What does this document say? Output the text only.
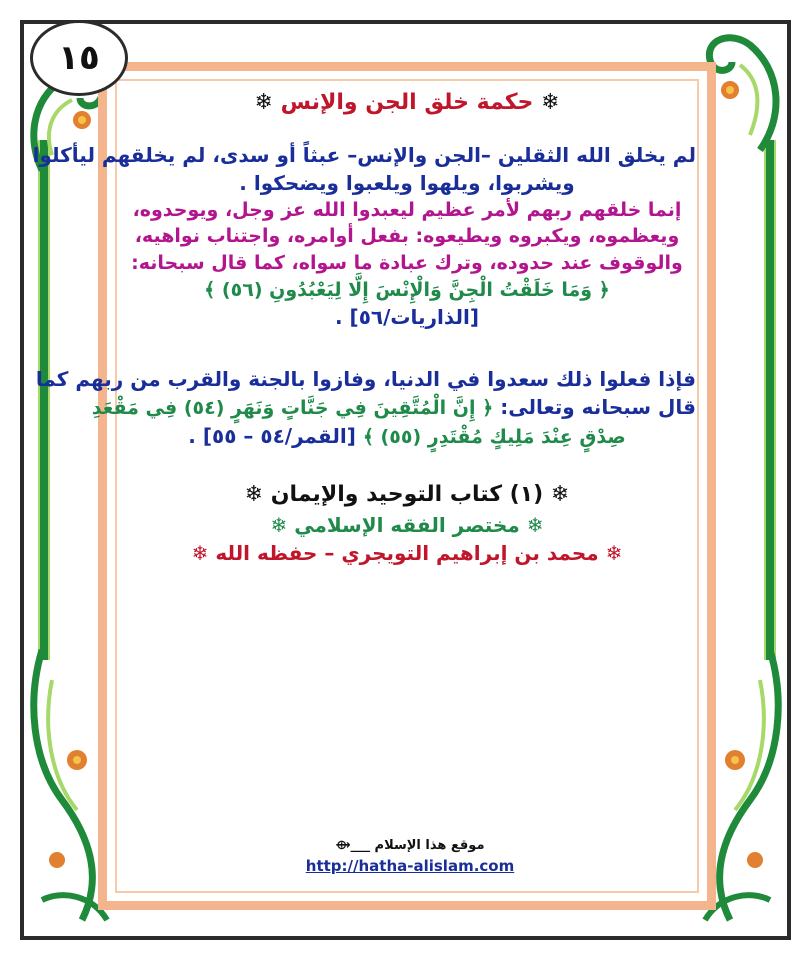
١٥
❄ حكمة خلق الجن والإنس ❄
لم يخلق الله الثقلين –الجن والإنس– عبثاً أو سدى، لم يخلقهم ليأكلوا
ويشربوا، ويلهوا ويلعبوا ويضحكوا .
إنما خلقهم ربهم لأمر عظيم ليعبدوا الله عز وجل، ويوحدوه،
ويعظموه، ويكبروه ويطيعوه: بفعل أوامره، واجتناب نواهيه،
والوقوف عند حدوده، وترك عبادة ما سواه، كما قال سبحانه:
﴿ وَمَا خَلَقْتُ الْجِنَّ وَالْإِنْسَ إِلَّا لِيَعْبُدُونِ (٥٦) ﴾
[الذاريات/٥٦] .
فإذا فعلوا ذلك سعدوا في الدنيا، وفازوا بالجنة والقرب من ربهم كما
قال سبحانه وتعالى: ﴿ إِنَّ الْمُتَّقِينَ فِي جَنَّاتٍ وَنَهَرٍ (٥٤) فِي مَقْعَدِ
صِدْقٍ عِنْدَ مَلِيكٍ مُقْتَدِرٍ (٥٥) ﴾ [القمر/٥٤ – ٥٥] .
❄ (١) كتاب التوحيد والإيمان ❄
❄ مختصر الفقه الإسلامي ❄
❄ محمد بن إبراهيم التويجري – حفظه الله ❄
موقع هذا الإسلام ___⟴
http://hatha-alislam.com
